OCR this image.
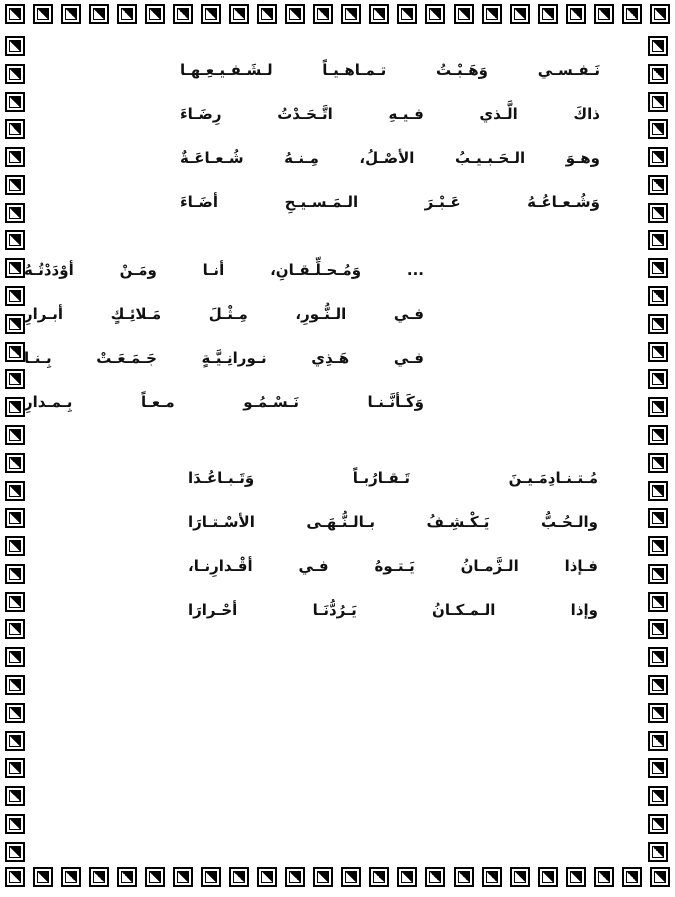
نَـفـسـي وَهَـبْـتُ تـمـاهـيـاً لـشَـفـيـعِـهـا
ذاكَ الَّـذي فـيـهِ اتَّـحَـدْتُ رِضَـاءَ
وهـوَ الـحَـبـيـبُ الأصْـلُ، مِـنـهُ شُـعـاعَـةٌ
وَشُـعـاعُـهُ عَـبْـرَ الـمَـسـيـحِ أضَـاءَ
... وَمُـحـلِّـقـانِ، أنـا ومَـنْ أوْدَدْتُـهُ
فـي الـنُّـورِ، مِـثْـلَ مَـلائِـكٍ أبـرارِ
فـي هَـذِي نـورانِـيَّـةٍ جَـمَـعَـتْ بِـنـا
وَكَـأنَّـنـا نَـسْـمُـو مـعـاً بِـمـدارِ
مُـتـنـادِمَـيـنَ تَـقـارُبـاً وَتَـبـاعُـدَا
والـحُـبُّ يَـكْـشِـفُ بـالـنُّـهَـى الأسْـتـارَا
فـإذا الـزَّمـانُ يَـتـوهُ فـي أقْـدارِنـا،
وإذا الـمـكـانُ يَـرُدُّنَـا أحْـرارَا
